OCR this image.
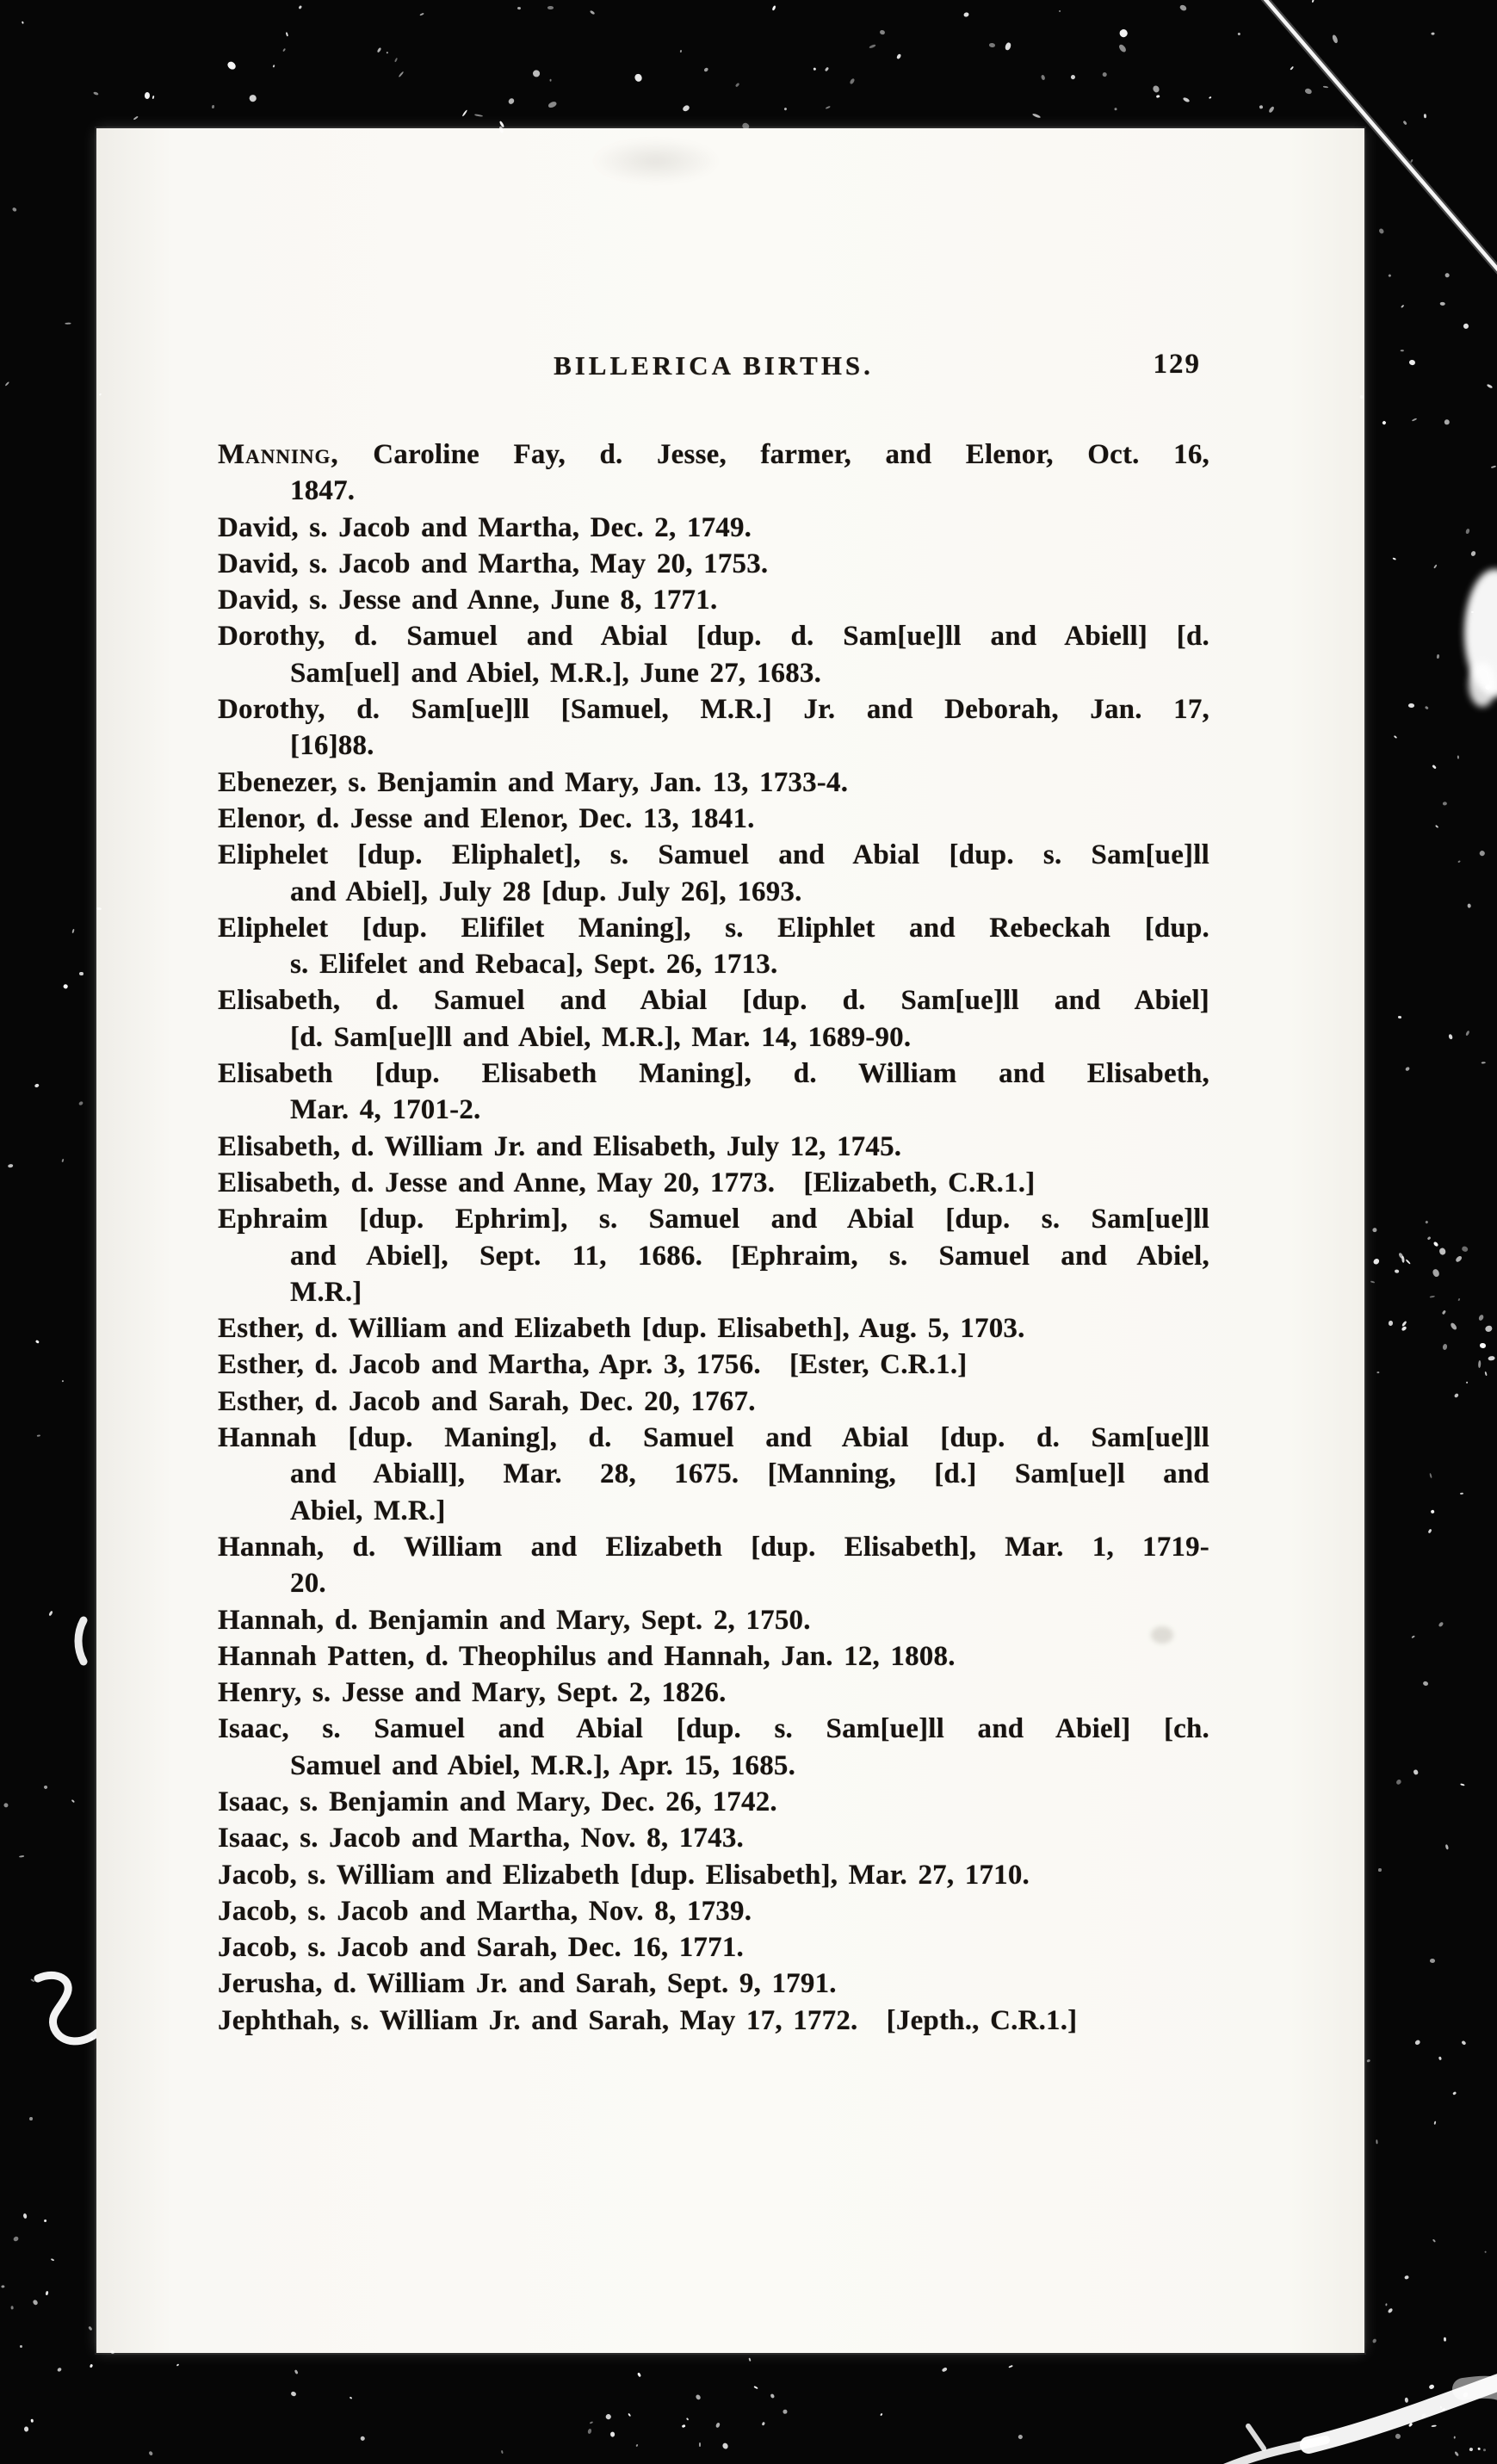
BILLERICA BIRTHS.	129
Manning, Caroline Fay, d. Jesse, farmer, and Elenor, Oct. 16,
1847.
David, s. Jacob and Martha, Dec. 2, 1749.
David, s. Jacob and Martha, May 20, 1753.
David, s. Jesse and Anne, June 8, 1771.
Dorothy, d. Samuel and Abial [dup. d. Sam[ue]ll and Abiell] [d.
Sam[uel] and Abiel, M.R.], June 27, 1683.
Dorothy, d. Sam[ue]ll [Samuel, M.R.] Jr. and Deborah, Jan. 17,
[16]88.
Ebenezer, s. Benjamin and Mary, Jan. 13, 1733-4.
Elenor, d. Jesse and Elenor, Dec. 13, 1841.
Eliphelet [dup. Eliphalet], s. Samuel and Abial [dup. s. Sam[ue]ll
and Abiel], July 28 [dup. July 26], 1693.
Eliphelet [dup. Elifilet Maning], s. Eliphlet and Rebeckah [dup.
s. Elifelet and Rebaca], Sept. 26, 1713.
Elisabeth, d. Samuel and Abial [dup. d. Sam[ue]ll and Abiel]
[d. Sam[ue]ll and Abiel, M.R.], Mar. 14, 1689-90.
Elisabeth [dup. Elisabeth Maning], d. William and Elisabeth,
Mar. 4, 1701-2.
Elisabeth, d. William Jr. and Elisabeth, July 12, 1745.
Elisabeth, d. Jesse and Anne, May 20, 1773. [Elizabeth, C.R.1.]
Ephraim [dup. Ephrim], s. Samuel and Abial [dup. s. Sam[ue]ll
and Abiel], Sept. 11, 1686. [Ephraim, s. Samuel and Abiel,
M.R.]
Esther, d. William and Elizabeth [dup. Elisabeth], Aug. 5, 1703.
Esther, d. Jacob and Martha, Apr. 3, 1756. [Ester, C.R.1.]
Esther, d. Jacob and Sarah, Dec. 20, 1767.
Hannah [dup. Maning], d. Samuel and Abial [dup. d. Sam[ue]ll
and Abiall], Mar. 28, 1675. [Manning, [d.] Sam[ue]l and
Abiel, M.R.]
Hannah, d. William and Elizabeth [dup. Elisabeth], Mar. 1, 1719-
20.
Hannah, d. Benjamin and Mary, Sept. 2, 1750.
Hannah Patten, d. Theophilus and Hannah, Jan. 12, 1808.
Henry, s. Jesse and Mary, Sept. 2, 1826.
Isaac, s. Samuel and Abial [dup. s. Sam[ue]ll and Abiel] [ch.
Samuel and Abiel, M.R.], Apr. 15, 1685.
Isaac, s. Benjamin and Mary, Dec. 26, 1742.
Isaac, s. Jacob and Martha, Nov. 8, 1743.
Jacob, s. William and Elizabeth [dup. Elisabeth], Mar. 27, 1710.
Jacob, s. Jacob and Martha, Nov. 8, 1739.
Jacob, s. Jacob and Sarah, Dec. 16, 1771.
Jerusha, d. William Jr. and Sarah, Sept. 9, 1791.
Jephthah, s. William Jr. and Sarah, May 17, 1772. [Jepth., C.R.1.]
